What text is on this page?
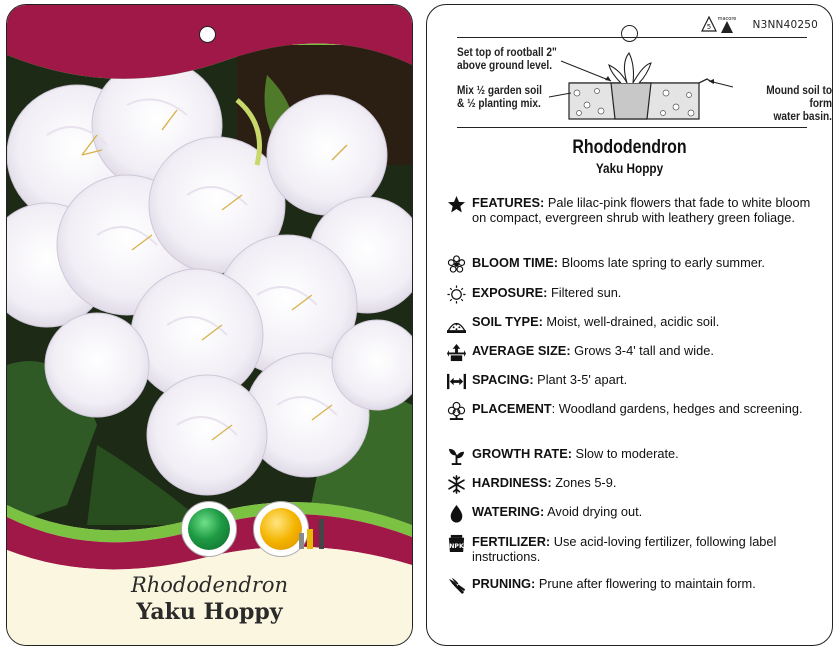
Rhododendron
Yaku Hoppy
5
macore N3NN40250
Set top of rootball 2"
above ground level.
Mix ½ garden soil
& ½ planting mix.
Mound soil to form
water basin.
Rhododendron
Yaku Hoppy
FEATURES: Pale lilac-pink flowers that fade to white bloom on compact, evergreen shrub with leathery green foliage.
BLOOM TIME: Blooms late spring to early summer.
EXPOSURE: Filtered sun.
SOIL TYPE: Moist, well-drained, acidic soil.
AVERAGE SIZE: Grows 3-4' tall and wide.
SPACING: Plant 3-5' apart.
PLACEMENT: Woodland gardens, hedges and screening.
GROWTH RATE: Slow to moderate.
HARDINESS: Zones 5-9.
WATERING: Avoid drying out.
NPK FERTILIZER: Use acid-loving fertilizer, following label instructions.
PRUNING: Prune after flowering to maintain form.
